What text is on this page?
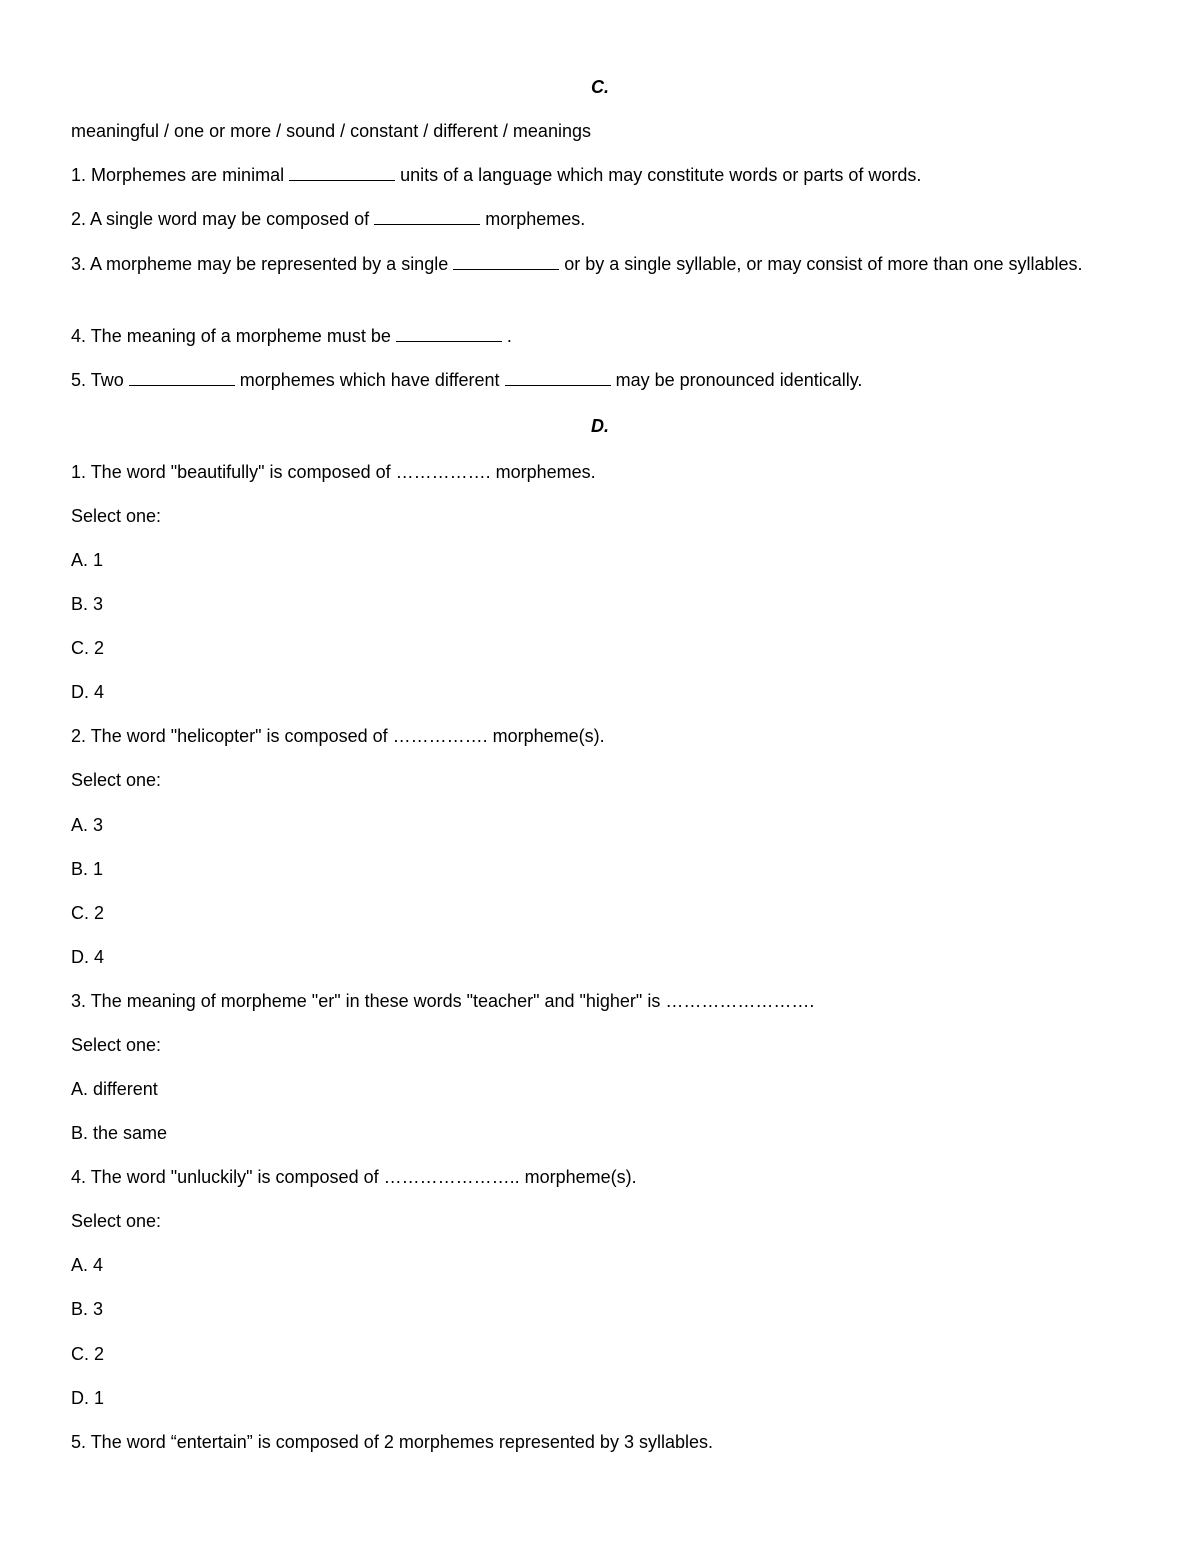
C.
meaningful / one or more / sound / constant / different / meanings
1. Morphemes are minimal	units of a language which may constitute words or parts of words.
2. A single word may be composed of	morphemes.
3. A morpheme may be represented by a single	or by a single syllable, or may consist of more than one syllables.
4. The meaning of a morpheme must be	.
5. Two	morphemes which have different	may be pronounced identically.
D.
1. The word "beautifully" is composed of ……………. morphemes.
Select one:
A. 1
B. 3
C. 2
D. 4
2. The word "helicopter" is composed of ……………. morpheme(s).
Select one:
A. 3
B. 1
C. 2
D. 4
3. The meaning of morpheme "er" in these words "teacher" and "higher" is …………………….
Select one:
A. different
B. the same
4. The word "unluckily" is composed of ………………….. morpheme(s).
Select one:
A. 4
B. 3
C. 2
D. 1
5. The word “entertain” is composed of 2 morphemes represented by 3 syllables.
